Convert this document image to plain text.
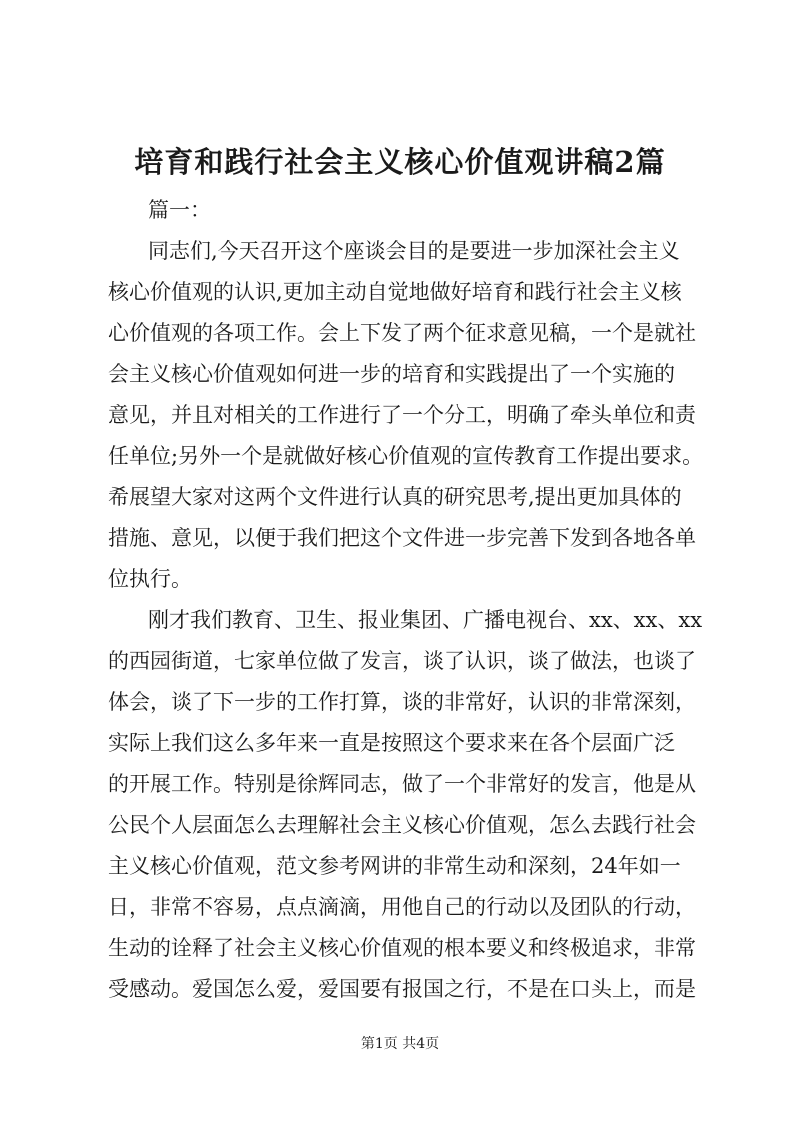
培育和践行社会主义核心价值观讲稿2篇
篇一：
同志们,今天召开这个座谈会目的是要进一步加深社会主义
核心价值观的认识,更加主动自觉地做好培育和践行社会主义核
心价值观的各项工作。会上下发了两个征求意见稿，一个是就社
会主义核心价值观如何进一步的培育和实践提出了一个实施的
意见，并且对相关的工作进行了一个分工，明确了牵头单位和责
任单位;另外一个是就做好核心价值观的宣传教育工作提出要求。
希展望大家对这两个文件进行认真的研究思考,提出更加具体的
措施、意见，以便于我们把这个文件进一步完善下发到各地各单
位执行。
刚才我们教育、卫生、报业集团、广播电视台、xx、xx、xx
的西园街道，七家单位做了发言，谈了认识，谈了做法，也谈了
体会，谈了下一步的工作打算，谈的非常好，认识的非常深刻，
实际上我们这么多年来一直是按照这个要求来在各个层面广泛
的开展工作。特别是徐辉同志，做了一个非常好的发言，他是从
公民个人层面怎么去理解社会主义核心价值观，怎么去践行社会
主义核心价值观，范文参考网讲的非常生动和深刻，24年如一
日，非常不容易，点点滴滴，用他自己的行动以及团队的行动，
生动的诠释了社会主义核心价值观的根本要义和终极追求，非常
受感动。爱国怎么爱，爱国要有报国之行，不是在口头上，而是
第1页 共4页
